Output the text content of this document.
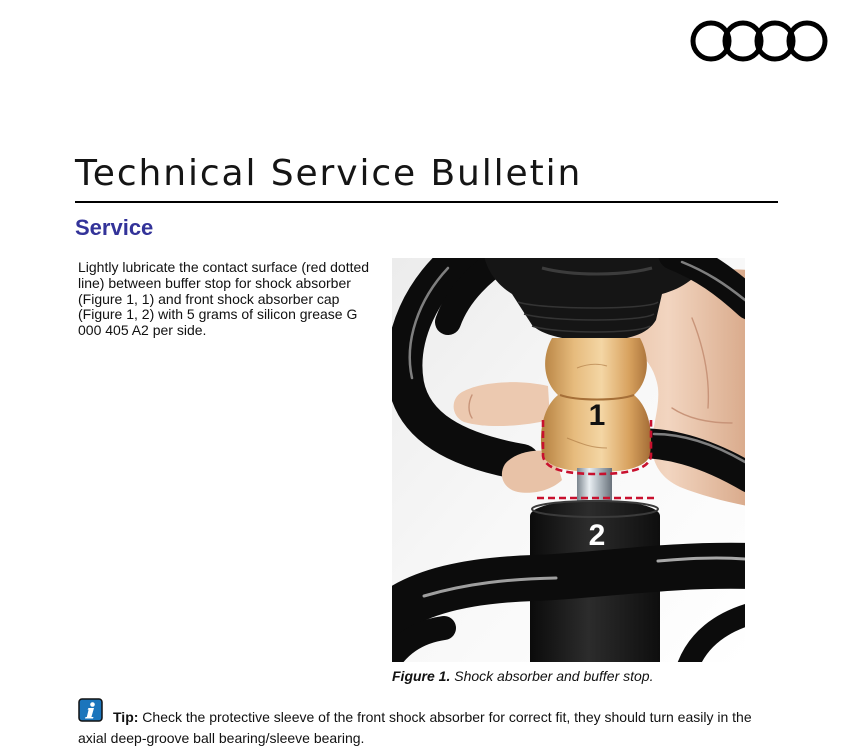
Technical Service Bulletin
Service

Lightly lubricate the contact surface (red dotted line) between buffer stop for shock absorber (Figure 1, 1) and front shock absorber cap (Figure 1, 2) with 5 grams of silicon grease G 000 405 A2 per side.

1
2

Figure 1. Shock absorber and buffer stop.

Tip: Check the protective sleeve of the front shock absorber for correct fit, they should turn easily in the axial deep-groove ball bearing/sleeve bearing.
